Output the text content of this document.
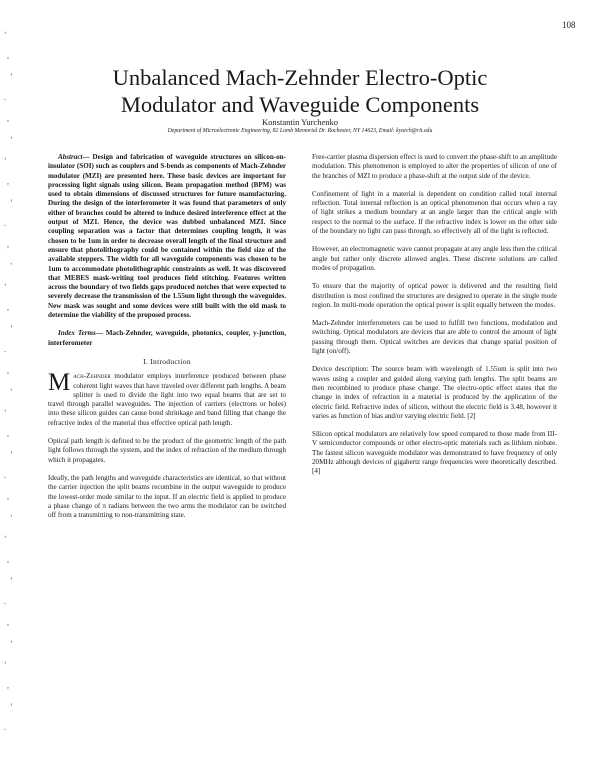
‘
,
’
.
,
‘
‘
,
’
.
,
‘
‘
,
’
.
,
‘
‘
,
’
.
,
‘
‘
,
’
.
,
‘
‘
,
’
.
108
Unbalanced Mach-Zehnder Electro-Optic
Modulator and Waveguide Components
Konstantin Yurchenko
Department of Microelectronic Engineering, 82 Lomb Memorial Dr. Rochester, NY 14623, Email: kyurch@rit.edu

Abstract— Design and fabrication of waveguide structures on silicon-on-insulator (SOI) such as couplers and S-bends as components of Mach-Zehnder modulator (MZI) are presented here. These basic devices are important for processing light signals using silicon. Beam propagation method (BPM) was used to obtain dimensions of discussed structures for future manufacturing. During the design of the interferometer it was found that parameters of only either of branches could be altered to induce desired interference effect at the output of MZI. Hence, the device was dubbed unbalanced MZI. Since coupling separation was a factor that determines coupling length, it was chosen to be 1um in order to decrease overall length of the final structure and ensure that photolithography could be contained within the field size of the available steppers. The width for all waveguide components was chosen to be 1um to accommodate photolithographic constraints as well. It was discovered that MEBES mask-writing tool produces field stitching. Features written across the boundary of two fields gaps produced notches that were expected to severely decrease the transmission of the 1.55um light through the waveguides. New mask was sought and some devices were still built with the old mask to determine the viability of the proposed process.

Index Terms— Mach-Zehnder, waveguide, photonics, coupler, y-junction, interferometer

I. Introduction

Mach-Zehnder modulator employs interference produced between phase coherent light waves that have traveled over different path lengths. A beam splitter is used to divide the light into two equal beams that are set to travel through parallel waveguides. The injection of carriers (electrons or holes) into these silicon guides can cause bond shrinkage and band filling that change the refractive index of the material thus effective optical path length.

Optical path length is defined to be the product of the geometric length of the path light follows through the system, and the index of refraction of the medium through which it propagates.

Ideally, the path lengths and waveguide characteristics are identical, so that without the carrier injection the split beams recombine in the output waveguide to produce the lowest-order mode similar to the input. If an electric field is applied to produce a phase change of π radians between the two arms the modulator can be switched off from a transmitting to non-transmitting state.

Free-carrier plasma dispersion effect is used to convert the phase-shift to an amplitude modulation. This phenomenon is employed to alter the properties of silicon of one of the branches of MZI to produce a phase-shift at the output side of the device.

Confinement of light in a material is dependent on condition called total internal reflection. Total internal reflection is an optical phenomenon that occurs when a ray of light strikes a medium boundary at an angle larger than the critical angle with respect to the normal to the surface. If the refractive index is lower on the other side of the boundary no light can pass through, so effectively all of the light is reflected.

However, an electromagnetic wave cannot propagate at any angle less then the critical angle but rather only discrete allowed angles. These discrete solutions are called modes of propagation.

To ensure that the majority of optical power is delivered and the resulting field distribution is most confined the structures are designed to operate in the single mode region. In multi-mode operation the optical power is split equally between the modes.

Mach-Zehnder interferometers can be used to fulfill two functions, modulation and switching. Optical modulators are devices that are able to control the amount of light passing through them. Optical switches are devices that change spatial position of light (on/off).

Device description: The source beam with wavelength of 1.55um is split into two waves using a coupler and guided along varying path lengths. The split beams are then recombined to produce phase change. The electro-optic effect states that the change in index of refraction in a material is produced by the application of the electric field. Refractive index of silicon, without the electric field is 3.48, however it varies as function of bias and/or varying electric field. [2]

Silicon optical modulators are relatively low speed compared to those made from III-V semiconductor compounds or other electro-optic materials such as lithium niobate. The fastest silicon waveguide modulator was demonstrated to have frequency of only 20MHz although devices of gigahertz range frequencies were theoretically described. [4]
